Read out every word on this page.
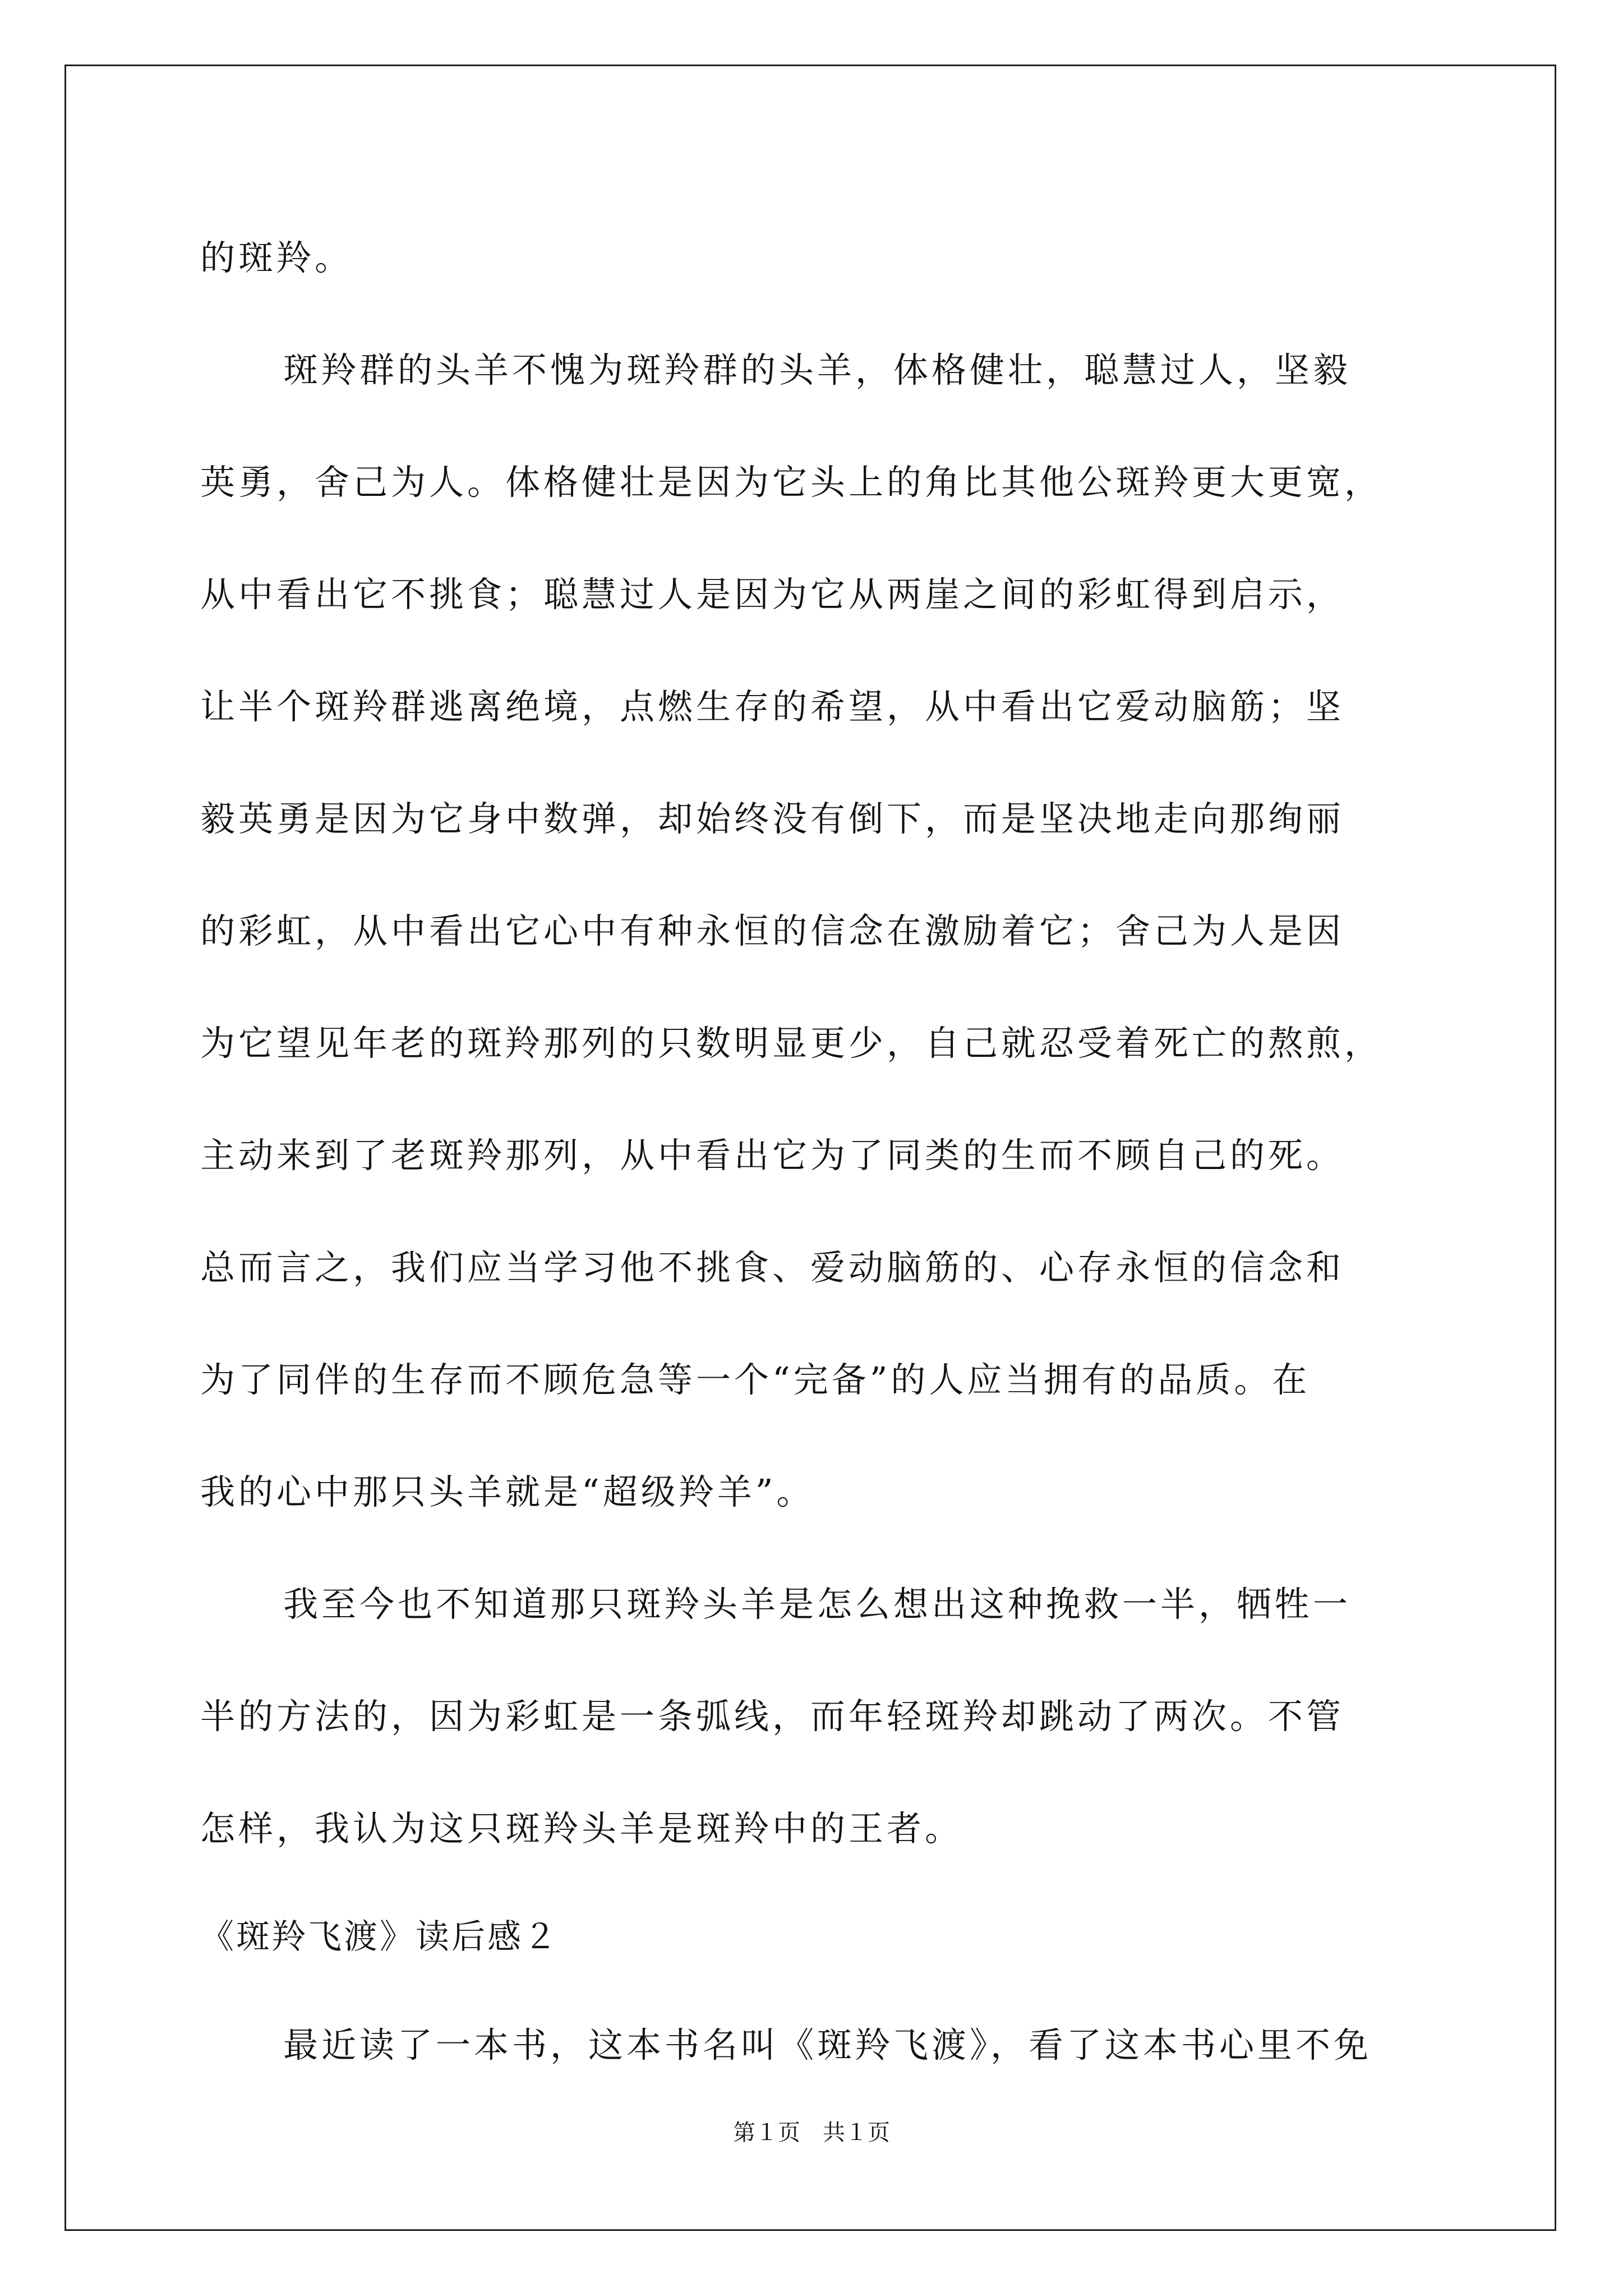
的斑羚。
斑羚群的头羊不愧为斑羚群的头羊，体格健壮，聪慧过人，坚毅
英勇，舍己为人。体格健壮是因为它头上的角比其他公斑羚更大更宽，
从中看出它不挑食；聪慧过人是因为它从两崖之间的彩虹得到启示，
让半个斑羚群逃离绝境，点燃生存的希望，从中看出它爱动脑筋；坚
毅英勇是因为它身中数弹，却始终没有倒下，而是坚决地走向那绚丽
的彩虹，从中看出它心中有种永恒的信念在激励着它；舍己为人是因
为它望见年老的斑羚那列的只数明显更少，自己就忍受着死亡的熬煎，
主动来到了老斑羚那列，从中看出它为了同类的生而不顾自己的死。
总而言之，我们应当学习他不挑食、爱动脑筋的、心存永恒的信念和
为了同伴的生存而不顾危急等一个“完备”的人应当拥有的品质。在
我的心中那只头羊就是“超级羚羊”。
我至今也不知道那只斑羚头羊是怎么想出这种挽救一半，牺牲一
半的方法的，因为彩虹是一条弧线，而年轻斑羚却跳动了两次。不管
怎样，我认为这只斑羚头羊是斑羚中的王者。
《斑羚飞渡》读后感２
最近读了一本书，这本书名叫《斑羚飞渡》，看了这本书心里不免
第１页　共１页
